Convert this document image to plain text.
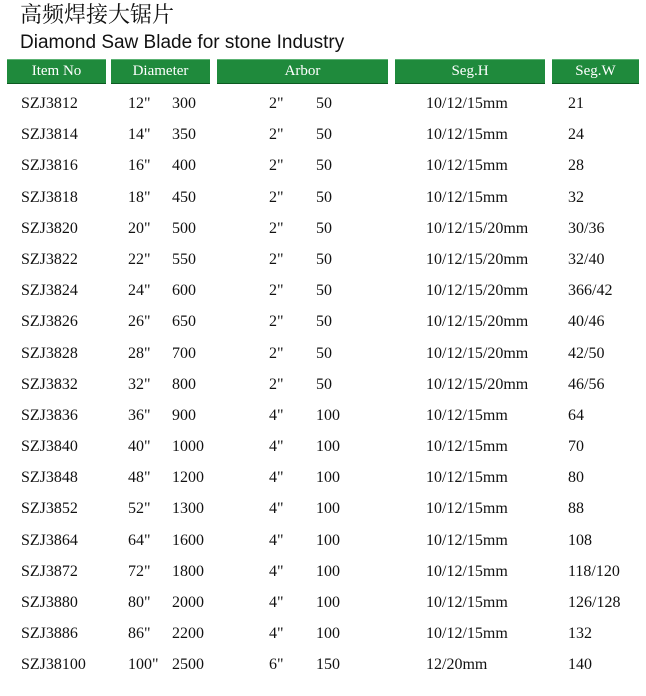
高频焊接大锯片
Diamond Saw Blade for stone Industry
Item No	Diameter	Arbor	Seg.H	Seg.W
SZJ3812	12" 300	2" 50	10/12/15mm	21
SZJ3814	14" 350	2" 50	10/12/15mm	24
SZJ3816	16" 400	2" 50	10/12/15mm	28
SZJ3818	18" 450	2" 50	10/12/15mm	32
SZJ3820	20" 500	2" 50	10/12/15/20mm 30/36
SZJ3822	22" 550	2" 50	10/12/15/20mm 32/40
SZJ3824	24" 600	2" 50	10/12/15/20mm 366/42
SZJ3826	26" 650	2" 50	10/12/15/20mm 40/46
SZJ3828	28" 700	2" 50	10/12/15/20mm 42/50
SZJ3832	32" 800	2" 50	10/12/15/20mm 46/56
SZJ3836	36" 900	4" 100	10/12/15mm	64
SZJ3840	40" 1000	4" 100	10/12/15mm	70
SZJ3848	48" 1200	4" 100	10/12/15mm	80
SZJ3852	52" 1300	4" 100	10/12/15mm	88
SZJ3864	64" 1600	4" 100	10/12/15mm	108
SZJ3872	72" 1800	4" 100	10/12/15mm	118/120
SZJ3880	80" 2000	4" 100	10/12/15mm	126/128
SZJ3886	86" 2200	4" 100	10/12/15mm	132
SZJ38100	100" 2500	6" 150	12/20mm	140
